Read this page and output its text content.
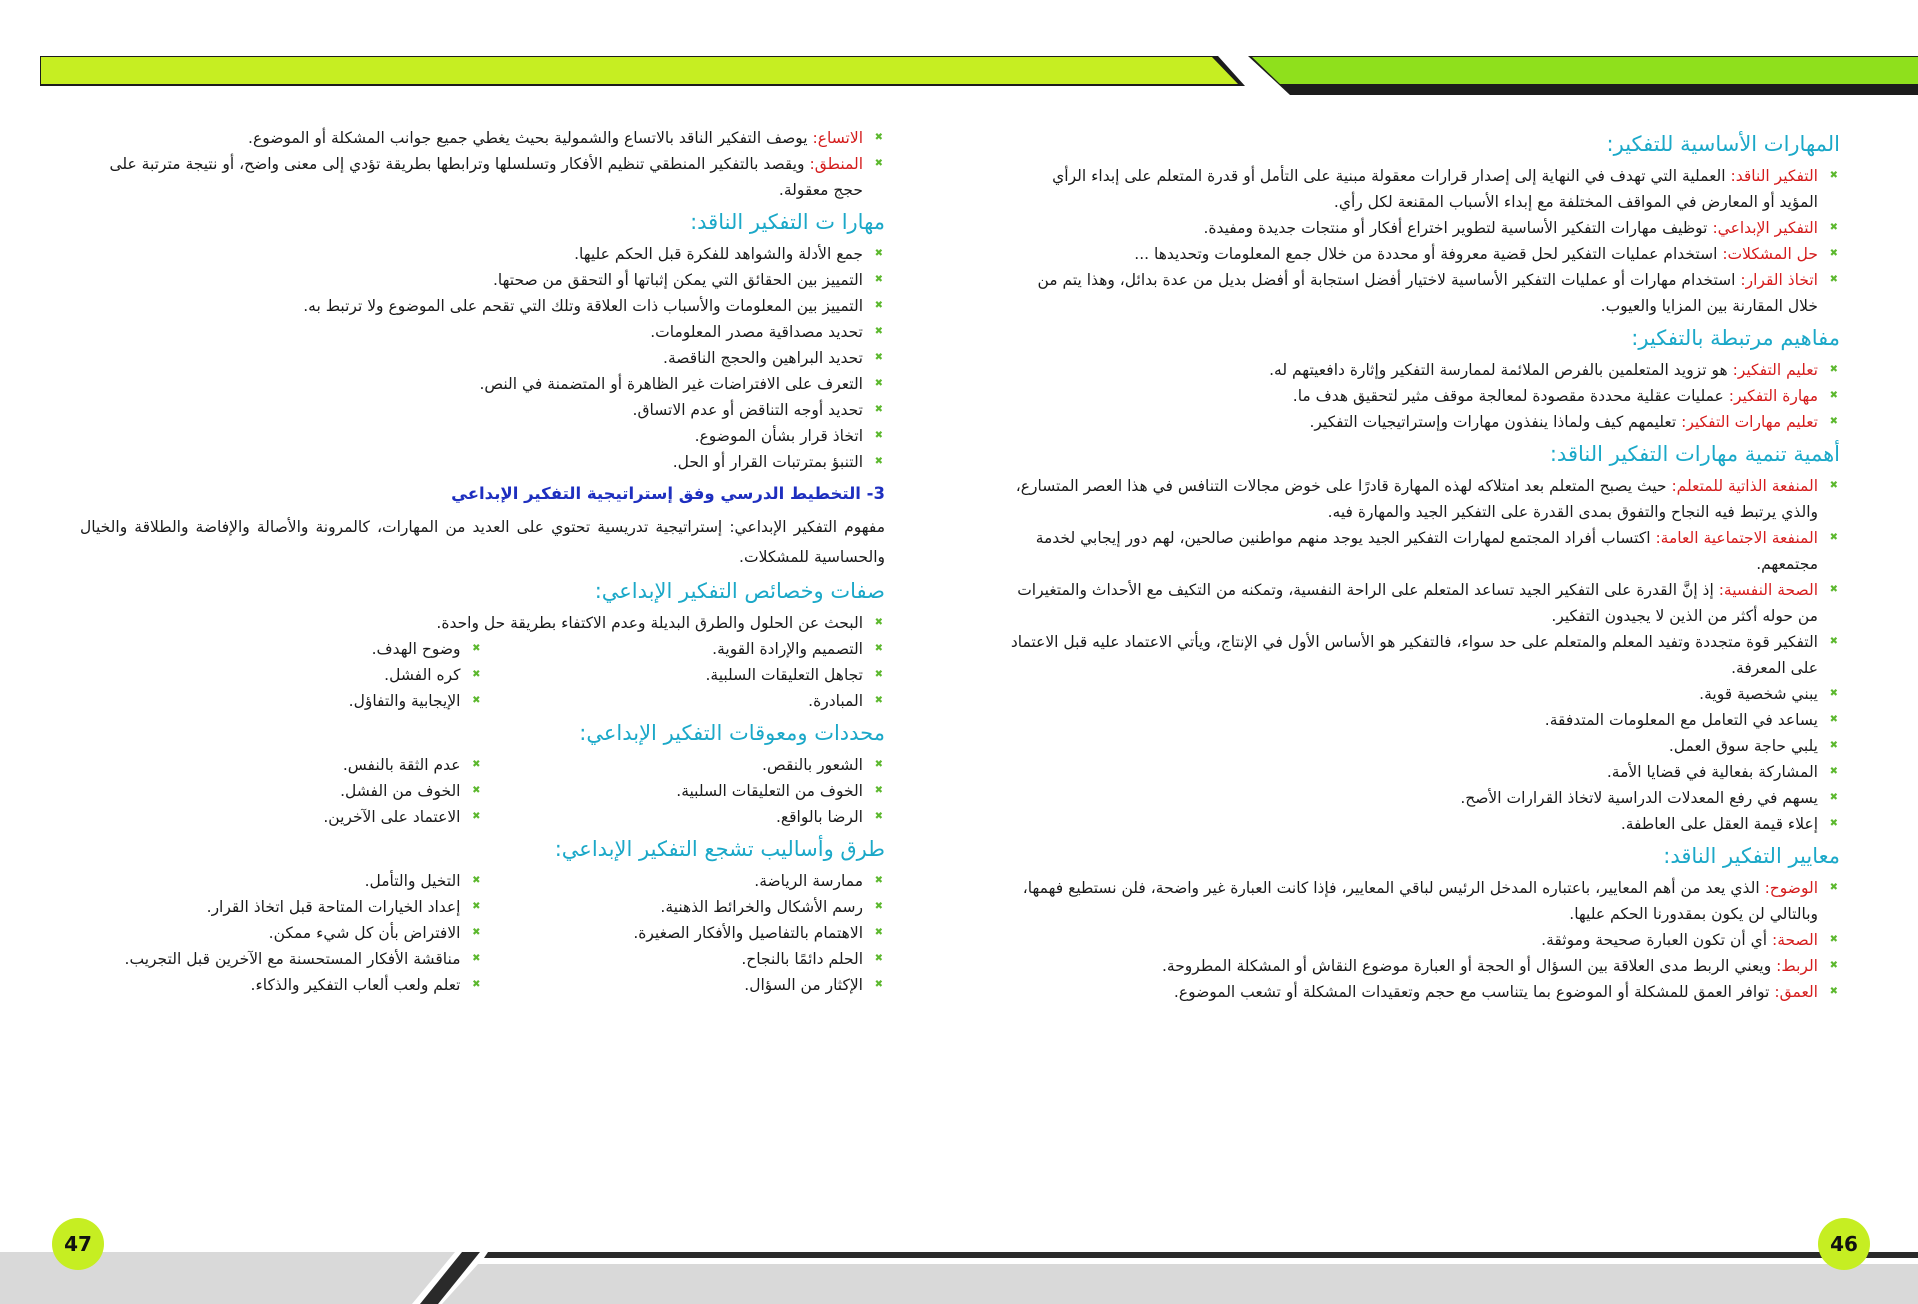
47	46
المهارات الأساسية للتفكير:
✖ التفكير الناقد: العملية التي تهدف في النهاية إلى إصدار قرارات معقولة مبنية على التأمل أو قدرة المتعلم على إبداء الرأي المؤيد أو المعارض في المواقف المختلفة مع إبداء الأسباب المقنعة لكل رأي.
✖ التفكير الإبداعي: توظيف مهارات التفكير الأساسية لتطوير اختراع أفكار أو منتجات جديدة ومفيدة.
✖ حل المشكلات: استخدام عمليات التفكير لحل قضية معروفة أو محددة من خلال جمع المعلومات وتحديدها ...
✖ اتخاذ القرار: استخدام مهارات أو عمليات التفكير الأساسية لاختيار أفضل استجابة أو أفضل بديل من عدة بدائل، وهذا يتم من خلال المقارنة بين المزايا والعيوب.
مفاهيم مرتبطة بالتفكير:
✖ تعليم التفكير: هو تزويد المتعلمين بالفرص الملائمة لممارسة التفكير وإثارة دافعيتهم له.
✖ مهارة التفكير: عمليات عقلية محددة مقصودة لمعالجة موقف مثير لتحقيق هدف ما.
✖ تعليم مهارات التفكير: تعليمهم كيف ولماذا ينفذون مهارات وإستراتيجيات التفكير.
أهمية تنمية مهارات التفكير الناقد:
✖ المنفعة الذاتية للمتعلم: حيث يصبح المتعلم بعد امتلاكه لهذه المهارة قادرًا على خوض مجالات التنافس في هذا العصر المتسارع، والذي يرتبط فيه النجاح والتفوق بمدى القدرة على التفكير الجيد والمهارة فيه.
✖ المنفعة الاجتماعية العامة: اكتساب أفراد المجتمع لمهارات التفكير الجيد يوجد منهم مواطنين صالحين، لهم دور إيجابي لخدمة مجتمعهم.
✖ الصحة النفسية: إذ إنَّ القدرة على التفكير الجيد تساعد المتعلم على الراحة النفسية، وتمكنه من التكيف مع الأحداث والمتغيرات من حوله أكثر من الذين لا يجيدون التفكير.
✖ التفكير قوة متجددة وتفيد المعلم والمتعلم على حد سواء، فالتفكير هو الأساس الأول في الإنتاج، ويأتي الاعتماد عليه قبل الاعتماد على المعرفة.
✖ يبني شخصية قوية.
✖ يساعد في التعامل مع المعلومات المتدفقة.
✖ يلبي حاجة سوق العمل.
✖ المشاركة بفعالية في قضايا الأمة.
✖ يسهم في رفع المعدلات الدراسية لاتخاذ القرارات الأصح.
✖ إعلاء قيمة العقل على العاطفة.
معايير التفكير الناقد:
✖ الوضوح: الذي يعد من أهم المعايير، باعتباره المدخل الرئيس لباقي المعايير، فإذا كانت العبارة غير واضحة، فلن نستطيع فهمها، وبالتالي لن يكون بمقدورنا الحكم عليها.
✖ الصحة: أي أن تكون العبارة صحيحة وموثقة.
✖ الربط: ويعني الربط مدى العلاقة بين السؤال أو الحجة أو العبارة موضوع النقاش أو المشكلة المطروحة.
✖ العمق: توافر العمق للمشكلة أو الموضوع بما يتناسب مع حجم وتعقيدات المشكلة أو تشعب الموضوع.
✖ الاتساع: يوصف التفكير الناقد بالاتساع والشمولية بحيث يغطي جميع جوانب المشكلة أو الموضوع.
✖ المنطق: ويقصد بالتفكير المنطقي تنظيم الأفكار وتسلسلها وترابطها بطريقة تؤدي إلى معنى واضح، أو نتيجة مترتبة على حجج معقولة.
مهارا ت التفكير الناقد:
✖ جمع الأدلة والشواهد للفكرة قبل الحكم عليها.
✖ التمييز بين الحقائق التي يمكن إثباتها أو التحقق من صحتها.
✖ التمييز بين المعلومات والأسباب ذات العلاقة وتلك التي تقحم على الموضوع ولا ترتبط به.
✖ تحديد مصداقية مصدر المعلومات.
✖ تحديد البراهين والحجج الناقصة.
✖ التعرف على الافتراضات غير الظاهرة أو المتضمنة في النص.
✖ تحديد أوجه التناقض أو عدم الاتساق.
✖ اتخاذ قرار بشأن الموضوع.
✖ التنبؤ بمترتبات القرار أو الحل.
3- التخطيط الدرسي وفق إستراتيجية التفكير الإبداعي
مفهوم التفكير الإبداعي: إستراتيجية تدريسية تحتوي على العديد من المهارات، كالمرونة والأصالة والإفاضة والطلاقة والخيال والحساسية للمشكلات.
صفات وخصائص التفكير الإبداعي:
✖ البحث عن الحلول والطرق البديلة وعدم الاكتفاء بطريقة حل واحدة.
✖ التصميم والإرادة القوية.
✖ تجاهل التعليقات السلبية.
✖ المبادرة.
✖ وضوح الهدف.
✖ كره الفشل.
✖ الإيجابية والتفاؤل.
محددات ومعوقات التفكير الإبداعي:
✖ الشعور بالنقص.
✖ الخوف من التعليقات السلبية.
✖ الرضا بالواقع.
✖ عدم الثقة بالنفس.
✖ الخوف من الفشل.
✖ الاعتماد على الآخرين.
طرق وأساليب تشجع التفكير الإبداعي:
✖ ممارسة الرياضة.
✖ رسم الأشكال والخرائط الذهنية.
✖ الاهتمام بالتفاصيل والأفكار الصغيرة.
✖ الحلم دائمًا بالنجاح.
✖ الإكثار من السؤال.
✖ التخيل والتأمل.
✖ إعداد الخيارات المتاحة قبل اتخاذ القرار.
✖ الافتراض بأن كل شيء ممكن.
✖ مناقشة الأفكار المستحسنة مع الآخرين قبل التجريب.
✖ تعلم ولعب ألعاب التفكير والذكاء.
